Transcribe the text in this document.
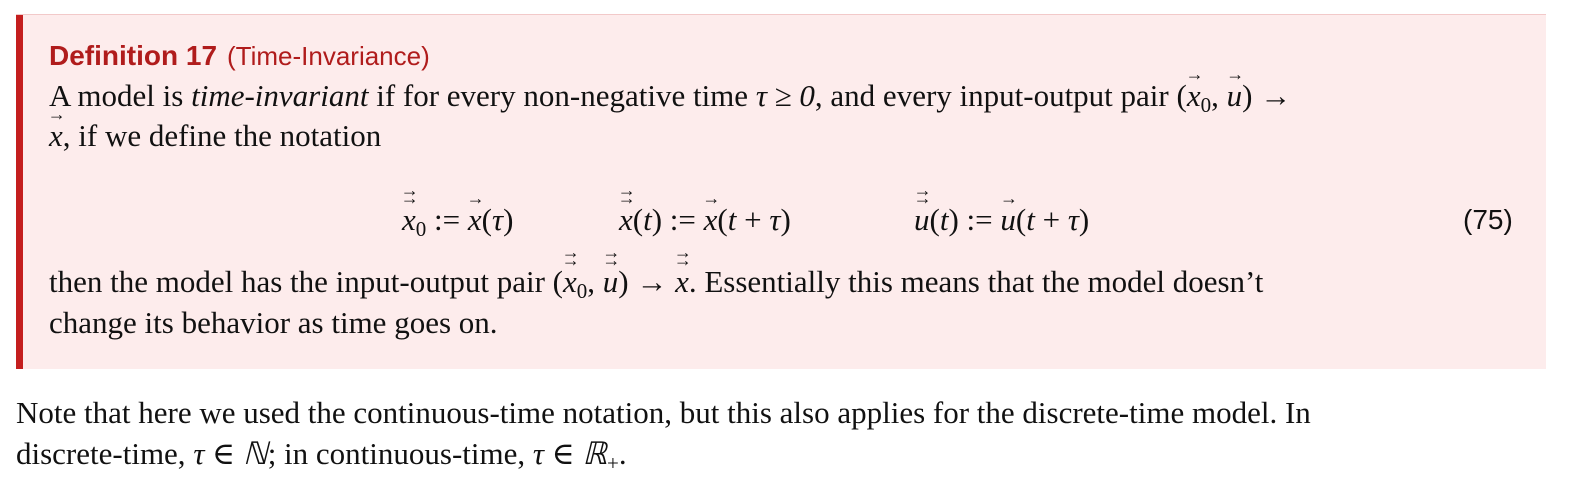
Definition 17 (Time-Invariance)
A model is time-invariant if for every non-negative time τ ≥ 0, and every input-output pair (→ $x_0$, → u) →
→ x, if we define the notation
→ $x \to_0$ := → x(τ)	→ x →(t) := → x(t + τ)	→ u →(t) := → u(t + τ)	(75)
then the model has the input-output pair (→ $x \to_0$, → u →) → → x →. Essentially this means that the model doesn’t
change its behavior as time goes on.
Note that here we used the continuous-time notation, but this also applies for the discrete-time model. In
discrete-time, τ ∈ ℕ; in continuous-time, τ ∈ ℝ$_+$.
